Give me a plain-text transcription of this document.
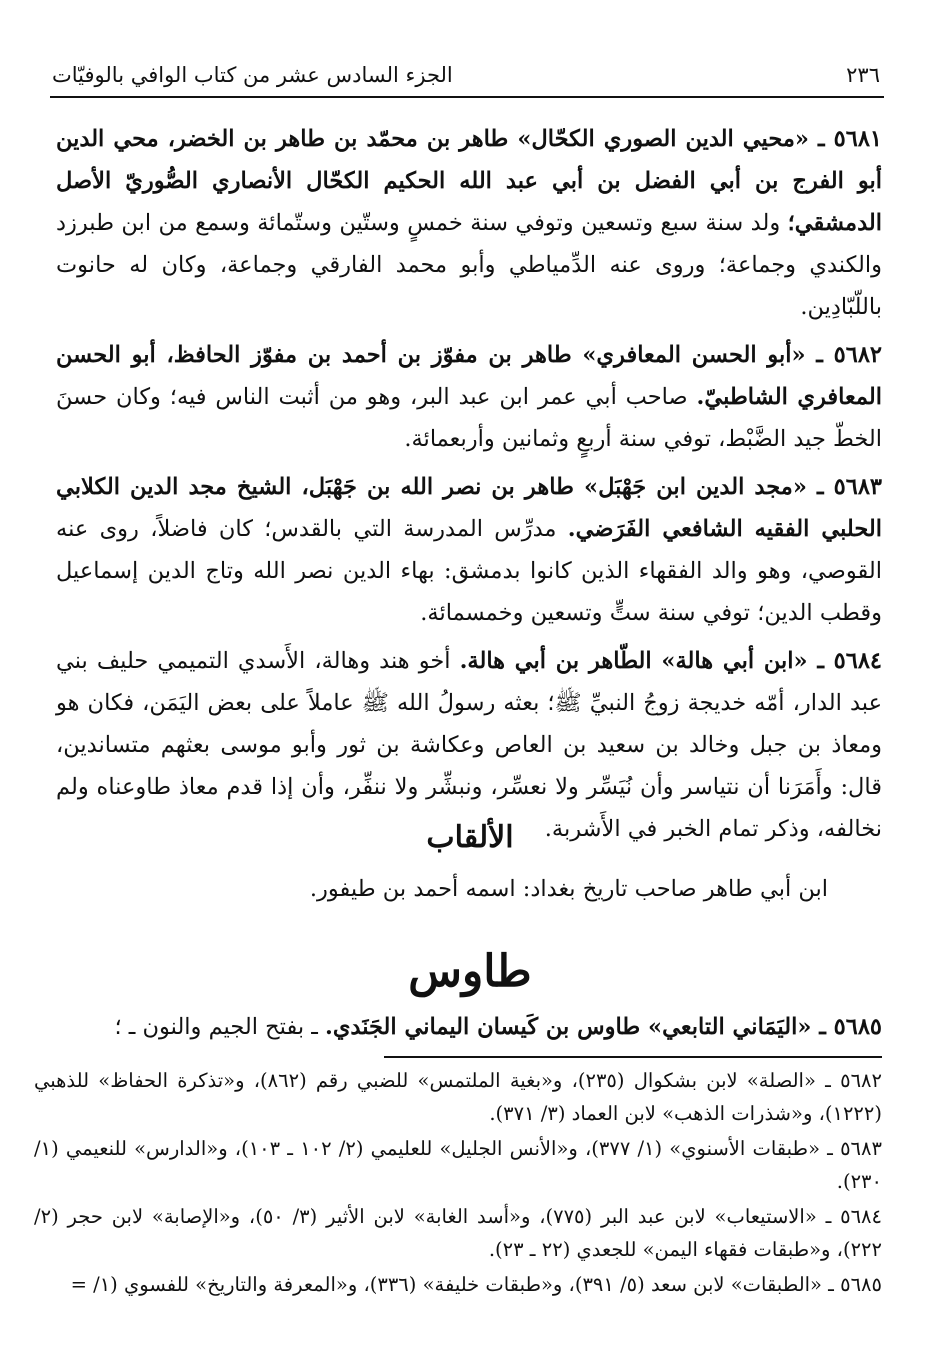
٢٣٦
الجزء السادس عشر من كتاب الوافي بالوفيّات

٥٦٨١ ـ «محيي الدين الصوري الكحّال» طاهر بن محمّد بن طاهر بن الخضر، محي الدين أبو الفرج بن أبي الفضل بن أبي عبد الله الحكيم الكحّال الأنصاري الصُّوريّ الأصل الدمشقي؛ ولد سنة سبع وتسعين وتوفي سنة خمسٍ وستّين وستّمائة وسمع من ابن طبرزد والكندي وجماعة؛ وروى عنه الدِّمياطي وأبو محمد الفارقي وجماعة، وكان له حانوت باللّبّادِين.

٥٦٨٢ ـ «أبو الحسن المعافري» طاهر بن مفوّز بن أحمد بن مفوّز الحافظ، أبو الحسن المعافري الشاطبيّ. صاحب أبي عمر ابن عبد البر، وهو من أثبت الناس فيه؛ وكان حسنَ الخطّ جيد الضَّبْط، توفي سنة أربعٍ وثمانين وأربعمائة.

٥٦٨٣ ـ «مجد الدين ابن جَهْبَل» طاهر بن نصر الله بن جَهْبَل، الشيخ مجد الدين الكلابي الحلبي الفقيه الشافعي الفَرَضي. مدرِّس المدرسة التي بالقدس؛ كان فاضلاً، روى عنه القوصي، وهو والد الفقهاء الذين كانوا بدمشق: بهاء الدين نصر الله وتاج الدين إسماعيل وقطب الدين؛ توفي سنة ستٍّ وتسعين وخمسمائة.

٥٦٨٤ ـ «ابن أبي هالة» الطّاهر بن أبي هالة. أخو هند وهالة، الأَسدي التميمي حليف بني عبد الدار، أمّه خديجة زوجُ النبيِّ ﷺ؛ بعثه رسولُ الله ﷺ عاملاً على بعض اليَمَن، فكان هو ومعاذ بن جبل وخالد بن سعيد بن العاص وعكاشة بن ثور وأبو موسى بعثهم متساندين، قال: وأَمَرَنا أن نتياسر وأن نُيَسِّر ولا نعسِّر، ونبشِّر ولا ننفِّر، وأن إذا قدم معاذ طاوعناه ولم نخالفه، وذكر تمام الخبر في الأَشربة.

الألقاب
ابن أبي طاهر صاحب تاريخ بغداد: اسمه أحمد بن طيفور.
طاوس
٥٦٨٥ ـ «اليَمَاني التابعي» طاوس بن كَيسان اليماني الجَنَدي. ـ بفتح الجيم والنون ـ ؛
٥٦٨٢ ـ «الصلة» لابن بشكوال (٢٣٥)، و«بغية الملتمس» للضبي رقم (٨٦٢)، و«تذكرة الحفاظ» للذهبي (١٢٢٢)، و«شذرات الذهب» لابن العماد (٣/ ٣٧١).
٥٦٨٣ ـ «طبقات الأسنوي» (١/ ٣٧٧)، و«الأنس الجليل» للعليمي (٢/ ١٠٢ ـ ١٠٣)، و«الدارس» للنعيمي (١/ ٢٣٠).
٥٦٨٤ ـ «الاستيعاب» لابن عبد البر (٧٧٥)، و«أسد الغابة» لابن الأثير (٣/ ٥٠)، و«الإصابة» لابن حجر (٢/ ٢٢٢)، و«طبقات فقهاء اليمن» للجعدي (٢٢ ـ ٢٣).
٥٦٨٥ ـ «الطبقات» لابن سعد (٥/ ٣٩١)، و«طبقات خليفة» (٣٣٦)، و«المعرفة والتاريخ» للفسوي (١/ =
